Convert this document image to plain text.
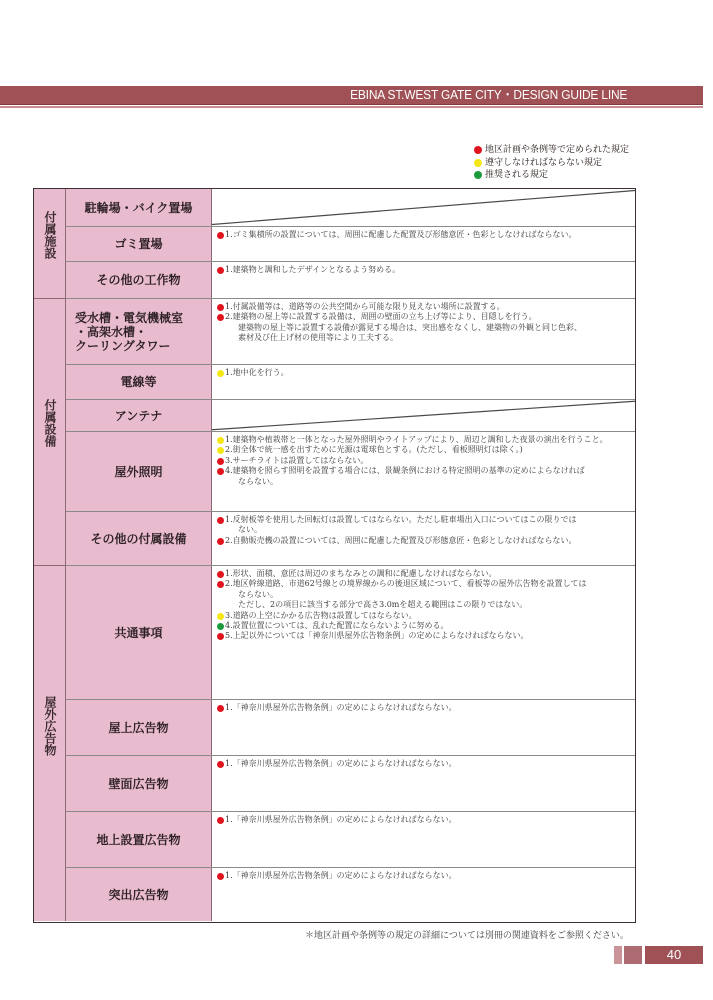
EBINA ST.WEST GATE CITY・DESIGN GUIDE LINE
地区計画や条例等で定められた規定
遵守しなければならない規定
推奨される規定
付属施設
駐輪場・バイク置場
ゴミ置場
1.ゴミ集積所の設置については、周囲に配慮した配置及び形態意匠・色彩としなければならない。
その他の工作物
1.建築物と調和したデザインとなるよう努める。
付属設備
受水槽・電気機械室
・高架水槽・
クーリングタワー
1.付属設備等は、道路等の公共空間から可能な限り見えない場所に設置する。
2.建築物の屋上等に設置する設備は、周囲の壁面の立ち上げ等により、目隠しを行う。
建築物の屋上等に設置する設備が露見する場合は、突出感をなくし、建築物の外観と同じ色彩、
素材及び仕上げ材の使用等により工夫する。
電線等
1.地中化を行う。
アンテナ
屋外照明
1.建築物や植栽帯と一体となった屋外照明やライトアップにより、周辺と調和した夜景の演出を行うこと。
2.街全体で統一感を出すために光源は電球色とする。(ただし、看板照明灯は除く。)
3.サーチライトは設置してはならない。
4.建築物を照らす照明を設置する場合には、景観条例における特定照明の基準の定めによらなければ
ならない。
その他の付属設備
1.反射板等を使用した回転灯は設置してはならない。ただし駐車場出入口についてはこの限りでは
ない。
2.自動販売機の設置については、周囲に配慮した配置及び形態意匠・色彩としなければならない。
屋外広告物
共通事項
1.形状、面積、意匠は周辺のまちなみとの調和に配慮しなければならない。
2.地区幹線道路、市道62号線との境界線からの後退区域について、看板等の屋外広告物を設置しては
ならない。
ただし、2の項目に該当する部分で高さ3.0mを超える範囲はこの限りではない。
3.道路の上空にかかる広告物は設置してはならない。
4.設置位置については、乱れた配置にならないように努める。
5.上記以外については「神奈川県屋外広告物条例」の定めによらなければならない。
屋上広告物
1.「神奈川県屋外広告物条例」の定めによらなければならない。
壁面広告物
1.「神奈川県屋外広告物条例」の定めによらなければならない。
地上設置広告物
1.「神奈川県屋外広告物条例」の定めによらなければならない。
突出広告物
1.「神奈川県屋外広告物条例」の定めによらなければならない。
＊地区計画や条例等の規定の詳細については別冊の関連資料をご参照ください。
40
